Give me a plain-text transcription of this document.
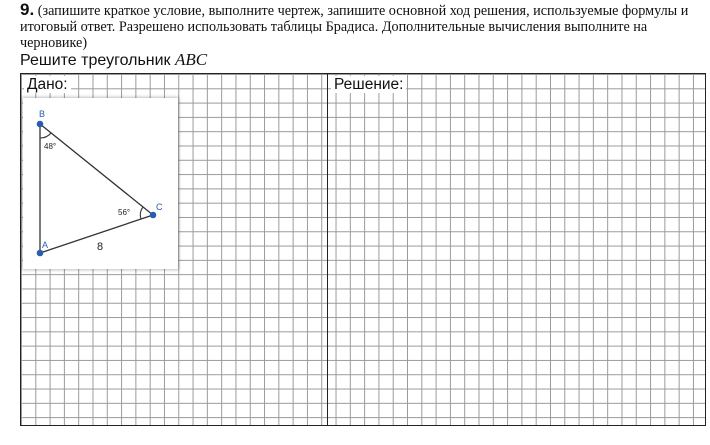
9. (запишите краткое условие, выполните чертеж, запишите основной ход решения, используемые формулы и итоговый ответ. Разрешено использовать таблицы Брадиса. Дополнительные вычисления выполните на черновике)
Решите треугольник ABC
Дано:	Решение:
B
A
C
48°
56°
8
